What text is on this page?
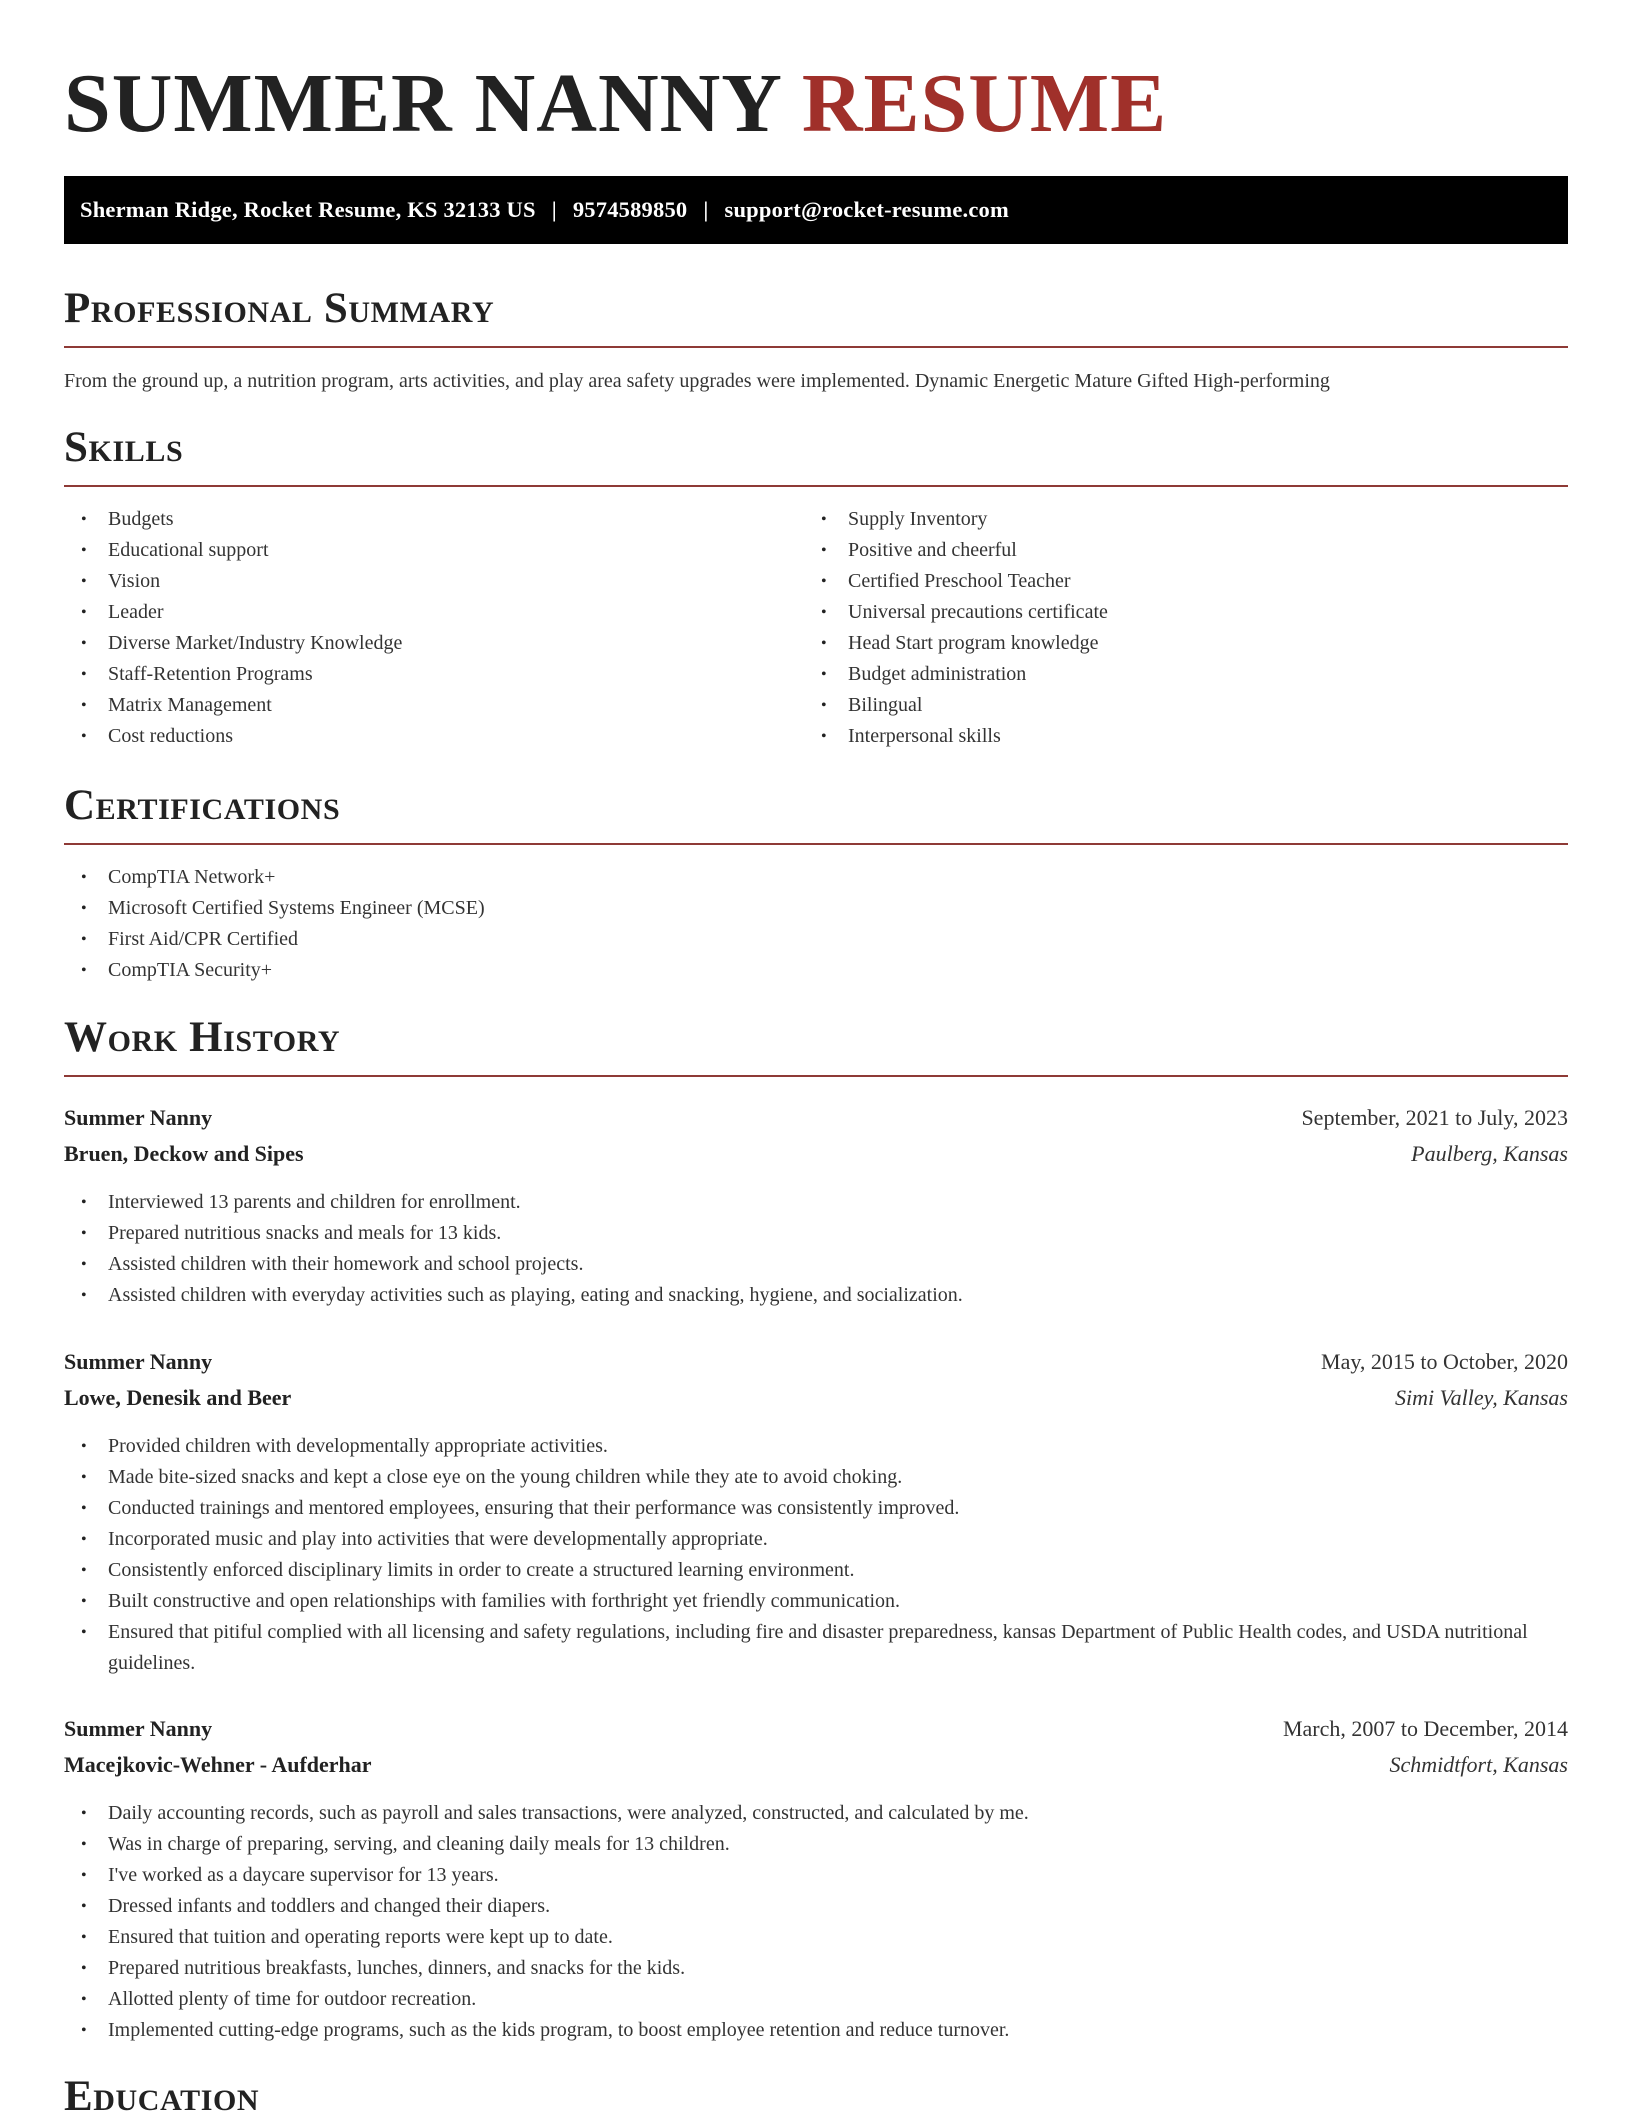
SUMMER NANNY RESUME
Sherman Ridge, Rocket Resume, KS 32133 US | 9574589850 | support@rocket-resume.com
Professional Summary

From the ground up, a nutrition program, arts activities, and play area safety upgrades were implemented. Dynamic Energetic Mature Gifted High-performing

Skills
• Budgets
• Educational support
• Vision
• Leader
• Diverse Market/Industry Knowledge
• Staff-Retention Programs
• Matrix Management
• Cost reductions
• Supply Inventory
• Positive and cheerful
• Certified Preschool Teacher
• Universal precautions certificate
• Head Start program knowledge
• Budget administration
• Bilingual
• Interpersonal skills
Certifications
• CompTIA Network+
• Microsoft Certified Systems Engineer (MCSE)
• First Aid/CPR Certified
• CompTIA Security+
Work History
Summer Nanny	September, 2021 to July, 2023
Bruen, Deckow and Sipes	Paulberg, Kansas
• Interviewed 13 parents and children for enrollment.
• Prepared nutritious snacks and meals for 13 kids.
• Assisted children with their homework and school projects.
• Assisted children with everyday activities such as playing, eating and snacking, hygiene, and socialization.
Summer Nanny	May, 2015 to October, 2020
Lowe, Denesik and Beer	Simi Valley, Kansas
• Provided children with developmentally appropriate activities.
• Made bite-sized snacks and kept a close eye on the young children while they ate to avoid choking.
• Conducted trainings and mentored employees, ensuring that their performance was consistently improved.
• Incorporated music and play into activities that were developmentally appropriate.
• Consistently enforced disciplinary limits in order to create a structured learning environment.
• Built constructive and open relationships with families with forthright yet friendly communication.
• Ensured that pitiful complied with all licensing and safety regulations, including fire and disaster preparedness, kansas Department of Public Health codes, and USDA nutritional guidelines.
Summer Nanny	March, 2007 to December, 2014
Macejkovic-Wehner - Aufderhar	Schmidtfort, Kansas
• Daily accounting records, such as payroll and sales transactions, were analyzed, constructed, and calculated by me.
• Was in charge of preparing, serving, and cleaning daily meals for 13 children.
• I've worked as a daycare supervisor for 13 years.
• Dressed infants and toddlers and changed their diapers.
• Ensured that tuition and operating reports were kept up to date.
• Prepared nutritious breakfasts, lunches, dinners, and snacks for the kids.
• Allotted plenty of time for outdoor recreation.
• Implemented cutting-edge programs, such as the kids program, to boost employee retention and reduce turnover.
Education
